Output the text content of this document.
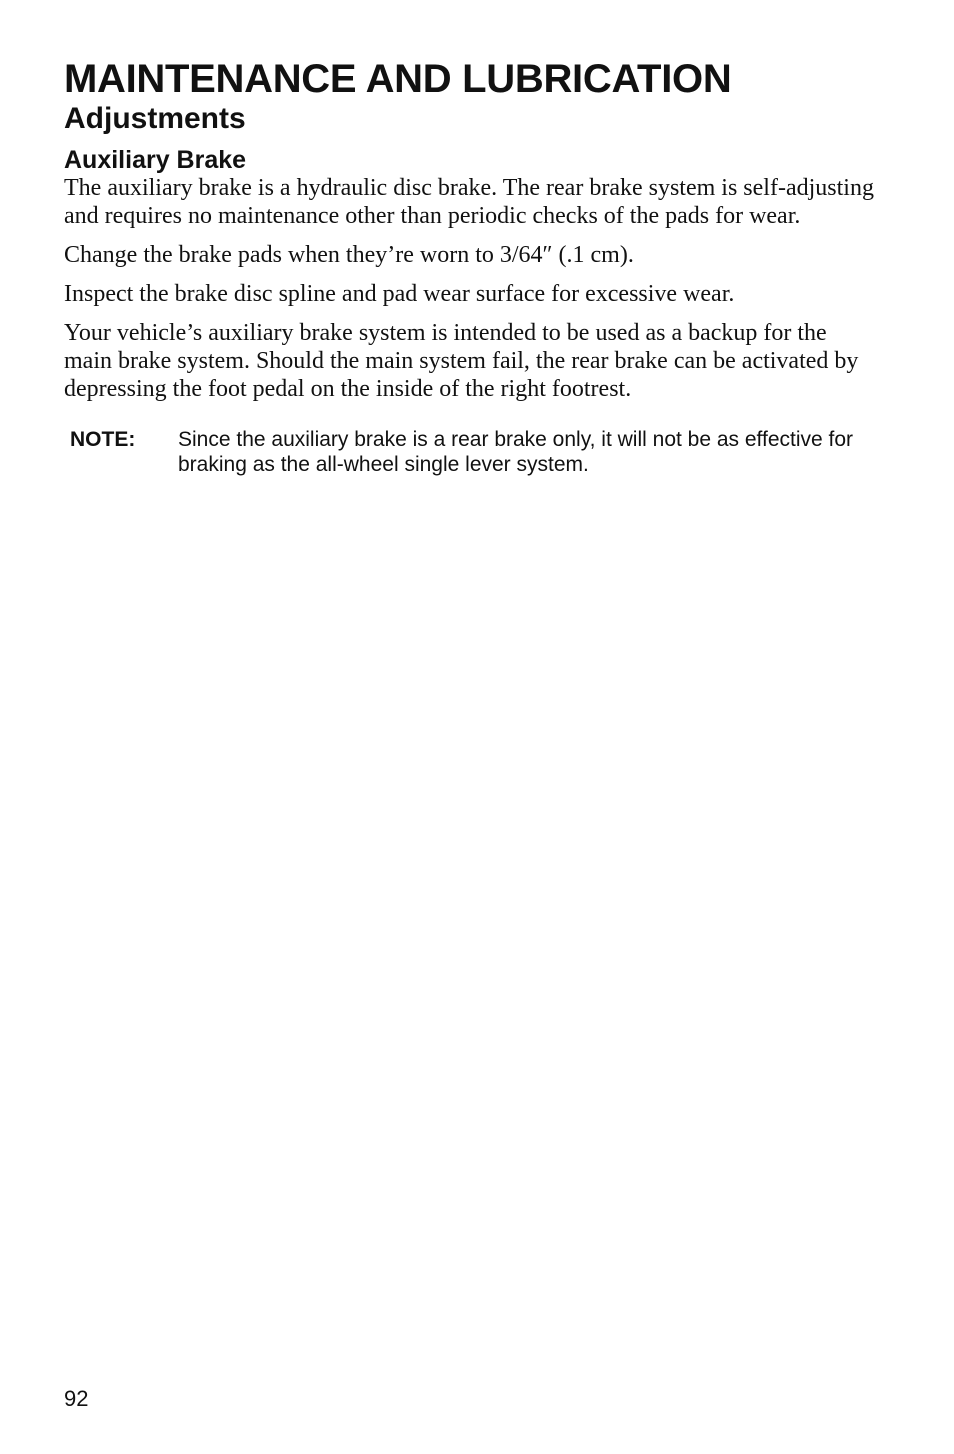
MAINTENANCE AND LUBRICATION
Adjustments
Auxiliary Brake

The auxiliary brake is a hydraulic disc brake. The rear brake system is self-adjusting and requires no maintenance other than periodic checks of the pads for wear.

Change the brake pads when they’re worn to 3/64″ (.1 cm).

Inspect the brake disc spline and pad wear surface for excessive wear.

Your vehicle’s auxiliary brake system is intended to be used as a backup for the main brake system. Should the main system fail, the rear brake can be activated by depressing the foot pedal on the inside of the right footrest.

NOTE:	Since the auxiliary brake is a rear brake only, it will not be as effective for braking as the all-wheel single lever system.
92
